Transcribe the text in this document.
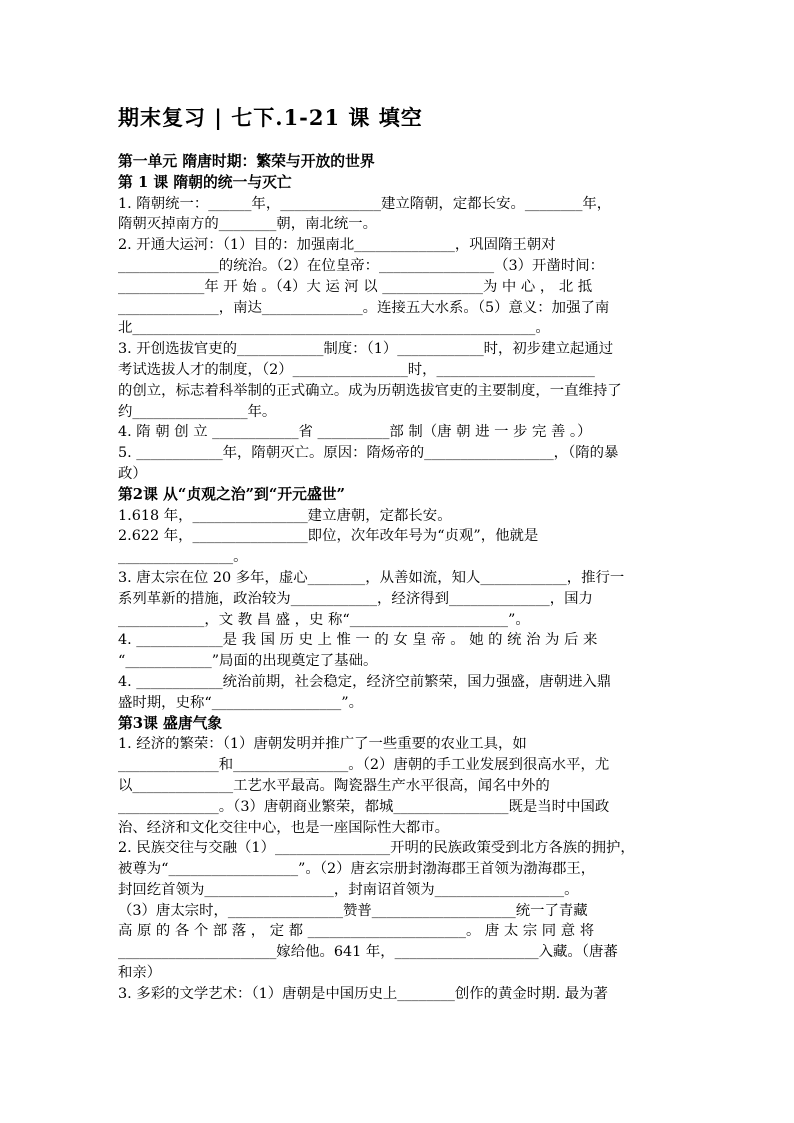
期末复习 | 七下.1-21 课 填空
第一单元 隋唐时期：繁荣与开放的世界
第 1 课 隋朝的统一与灭亡
1. 隋朝统一：______年，______________建立隋朝，定都长安。________年，
隋朝灭掉南方的________朝，南北统一。
2. 开通大运河：（1）目的：加强南北______________，巩固隋王朝对
______________的统治。（2）在位皇帝：________________（3）开凿时间：
____________年 开 始 。（4）大 运 河 以 ______________为 中 心 ， 北 抵
______________，南达______________。连接五大水系。（5）意义：加强了南
北________________________________________________________。
3. 开创选拔官吏的____________制度：（1）____________时，初步建立起通过
考试选拔人才的制度，（2）________________时，______________________
的创立，标志着科举制的正式确立。成为历朝选拔官吏的主要制度，一直维持了
约________________年。
4. 隋 朝 创 立 ____________省 __________部 制（唐 朝 进 一 步 完 善 。）
5. ____________年，隋朝灭亡。原因：隋炀帝的__________________，（隋的暴
政）
第2课 从“贞观之治”到“开元盛世”
1.618 年，________________建立唐朝，定都长安。
2.622 年，________________即位，次年改年号为“贞观”，他就是
________________。
3. 唐太宗在位 20 多年，虚心________，从善如流，知人____________，推行一
系列革新的措施，政治较为____________，经济得到______________，国力
____________，文 教 昌 盛 ，史 称“______________________”。
4. ____________是 我 国 历 史 上 惟 一 的 女 皇 帝 。 她 的 统 治 为 后 来
“____________”局面的出现奠定了基础。
4. ____________统治前期，社会稳定，经济空前繁荣，国力强盛，唐朝进入鼎
盛时期，史称“__________________”。
第3课 盛唐气象
1. 经济的繁荣：（1）唐朝发明并推广了一些重要的农业工具，如
______________和________________。（2）唐朝的手工业发展到很高水平，尤
以______________工艺水平最高。陶瓷器生产水平很高，闻名中外的
______________。（3）唐朝商业繁荣，都城________________既是当时中国政
治、经济和文化交往中心，也是一座国际性大都市。
2. 民族交往与交融（1）________________开明的民族政策受到北方各族的拥护，
被尊为“__________________”。（2）唐玄宗册封渤海郡王首领为渤海郡王，
封回纥首领为__________________，封南诏首领为__________________。
（3）唐太宗时，________________赞普____________________统一了青藏
高 原 的 各 个 部 落 ， 定 都 ______________________。 唐 太 宗 同 意 将
______________________嫁给他。641 年，____________________入藏。（唐蕃
和亲）
3. 多彩的文学艺术：（1）唐朝是中国历史上________创作的黄金时期. 最为著
